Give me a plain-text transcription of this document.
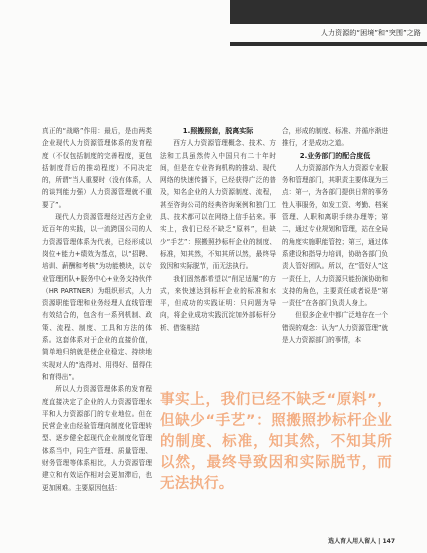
人力资源的“困境”和“突围”之路

真正的“战略”作用：最后，是由两类企业现代人力资源管理体系的发育程度（不仅包括制度的完善程度，更包括制度背后的推动程度）不同决定的，所谓“当人重要时（没有体系，人的谈判能力强）人力资源管理就不重要了”。

现代人力资源管理经过西方企业近百年的实践，以一流跨国公司的人力资源管理体系为代表，已经形成以岗位+能力+绩效为基点，以“招聘、培训、薪酬和考核”为功能模块，以专业管理团队+服务中心+业务支持伙伴（HR PARTNER）为组织形式，人力资源职能管理和业务经理人直线管理有效结合的，包含有一系列机制、政策、流程、制度、工具和方法的体系。这套体系对于企业的直接价值，简单地归纳就是使企业稳定、持续地实现对人的“选得对、用得好、留得住和育得出”。

所以人力资源管理体系的发育程度直接决定了企业的人力资源管理水平和人力资源部门的专业地位。但在民营企业由经验管理向制度化管理转型、逐步健全起现代企业制度化管理体系当中，同生产管理、质量管理、财务管理等体系相比，人力资源管理建立和有效运作相对会更加滞后，也更加困难。主要原因包括：

1.照搬照套，脱离实际

西方人力资源管理概念、技术、方法和工具虽然传入中国只有二十年时间，但是在专业咨询机构的推动、现代网络的快速传播下，已经获得广泛的普及，知名企业的人力资源制度、流程，甚至咨询公司的经典咨询案例和独门工具、技术都可以在网络上信手拈来。事实上，我们已经不缺乏“原料”，但缺少“手艺”：照搬照抄标杆企业的制度、标准，知其然，不知其所以然，最终导致因和实际脱节，而无法执行。

我们固然都希望以“削足适履”的方式，来快速达到标杆企业的标准和水平，但成功的实践证明：只问题为导向，将企业成功实践沉淀加外部标杆分析、借鉴相结

合，形成的制度、标准、并循序渐进推行，才是成功之道。

2.业务部门的配合度低

人力资源部作为人力资源专业服务和管理部门，其职责主要体现为三点：第一，为各部门提供日常的事务性人事服务，如发工资、考勤、档案管理、人职和离职手续办理等；第二，通过专业规划和管理，站在全局的角度实施职能管控；第三，通过体系建设和指导力培训，协助各部门负责人管好团队。所以，在“管好人”这一责任上，人力资源只能扮演协助和支持的角色，主要责任或者说是“第一责任”在各部门负责人身上。

但很多企业中都广泛地存在一个错误的观念：认为“人力资源管理”就是人力资源部门的事情，本

事实上，我们已经不缺乏“原料”，但缺少“手艺”：照搬照抄标杆企业的制度、标准，知其然，不知其所以然，最终导致因和实际脱节，而无法执行。
选人育人用人留人 | 147
